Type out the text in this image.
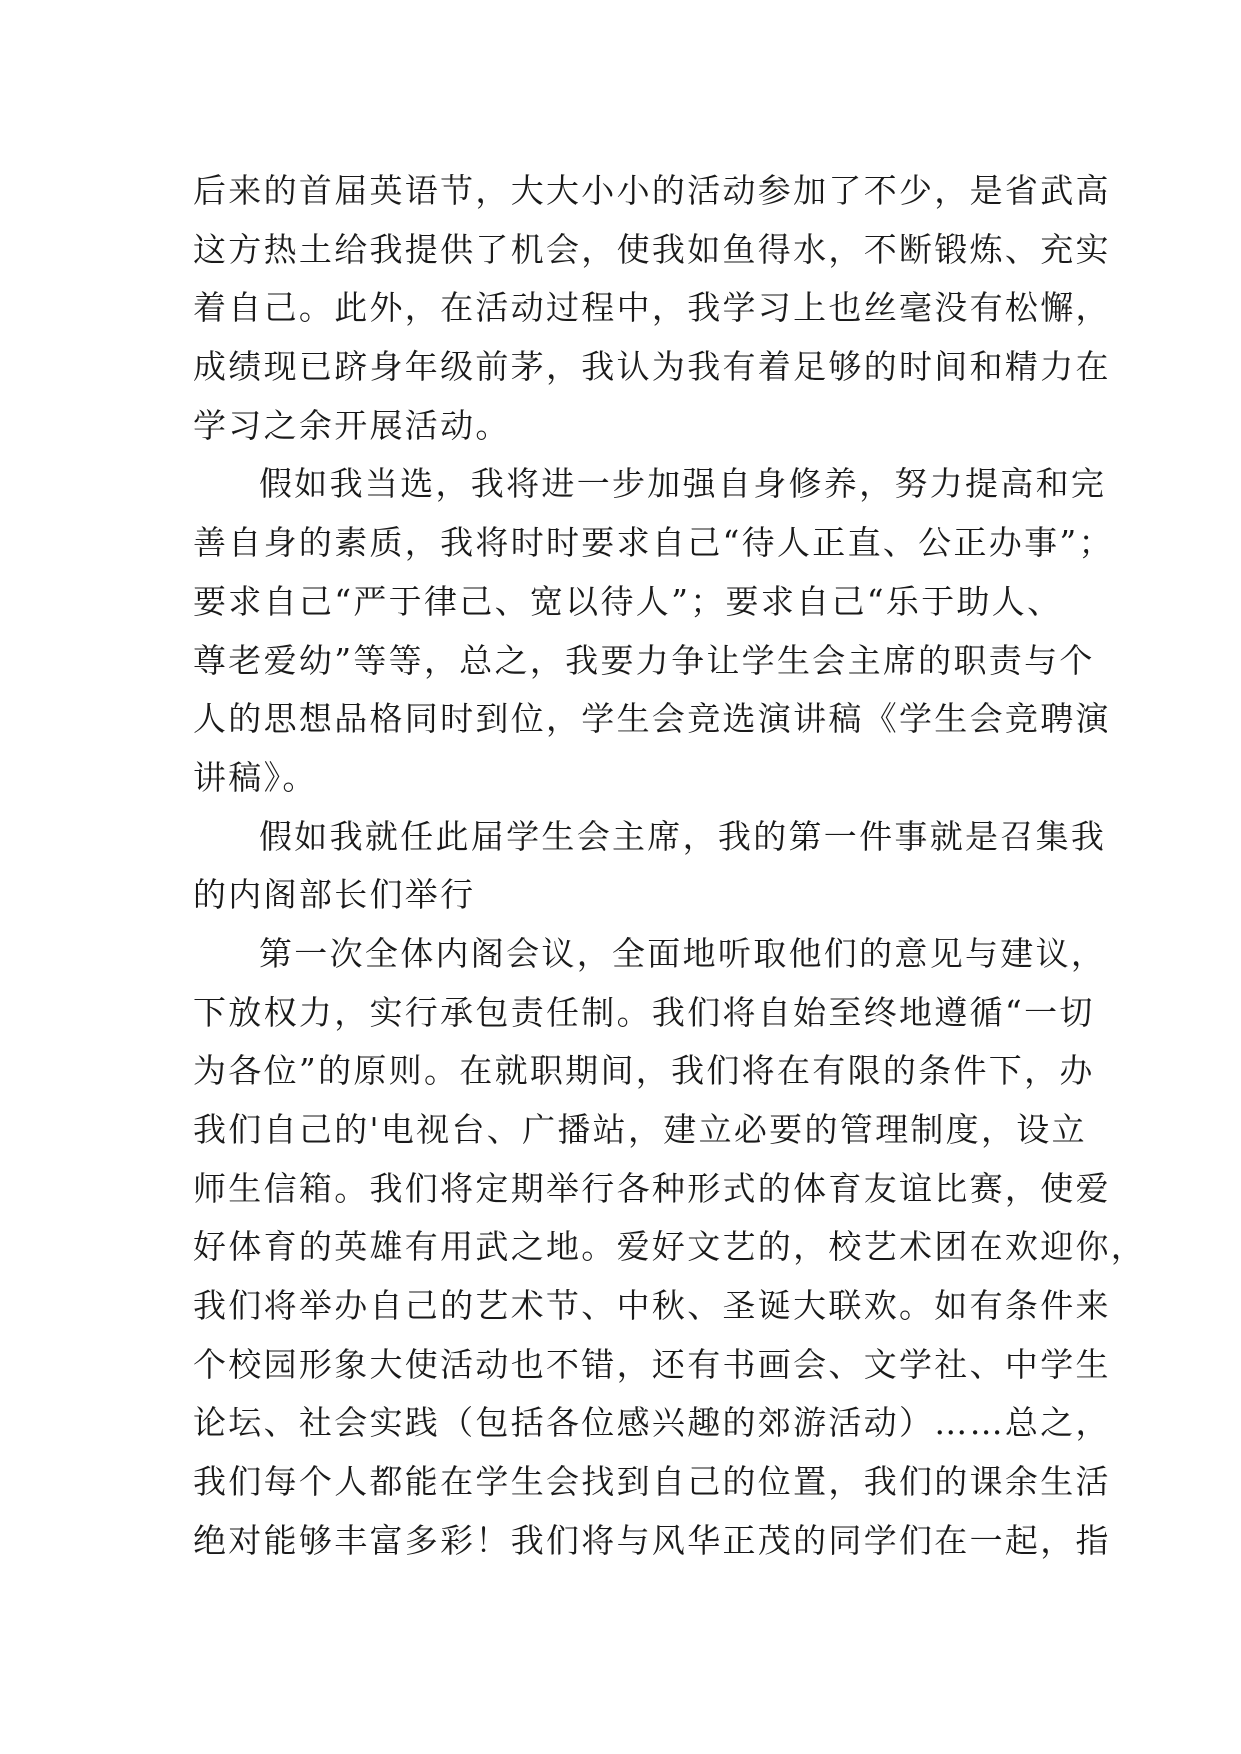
后来的首届英语节，大大小小的活动参加了不少，是省武高
这方热土给我提供了机会，使我如鱼得水，不断锻炼、充实
着自己。此外，在活动过程中，我学习上也丝毫没有松懈，
成绩现已跻身年级前茅，我认为我有着足够的时间和精力在
学习之余开展活动。
假如我当选，我将进一步加强自身修养，努力提高和完
善自身的素质，我将时时要求自己“待人正直、公正办事”；
要求自己“严于律己、宽以待人”；要求自己“乐于助人、
尊老爱幼”等等，总之，我要力争让学生会主席的职责与个
人的思想品格同时到位，学生会竞选演讲稿《学生会竞聘演
讲稿》。
假如我就任此届学生会主席，我的第一件事就是召集我
的内阁部长们举行
第一次全体内阁会议，全面地听取他们的意见与建议，
下放权力，实行承包责任制。我们将自始至终地遵循“一切
为各位”的原则。在就职期间，我们将在有限的条件下，办
我们自己的'电视台、广播站，建立必要的管理制度，设立
师生信箱。我们将定期举行各种形式的体育友谊比赛，使爱
好体育的英雄有用武之地。爱好文艺的，校艺术团在欢迎你，
我们将举办自己的艺术节、中秋、圣诞大联欢。如有条件来
个校园形象大使活动也不错，还有书画会、文学社、中学生
论坛、社会实践（包括各位感兴趣的郊游活动）……总之，
我们每个人都能在学生会找到自己的位置，我们的课余生活
绝对能够丰富多彩！我们将与风华正茂的同学们在一起，指
